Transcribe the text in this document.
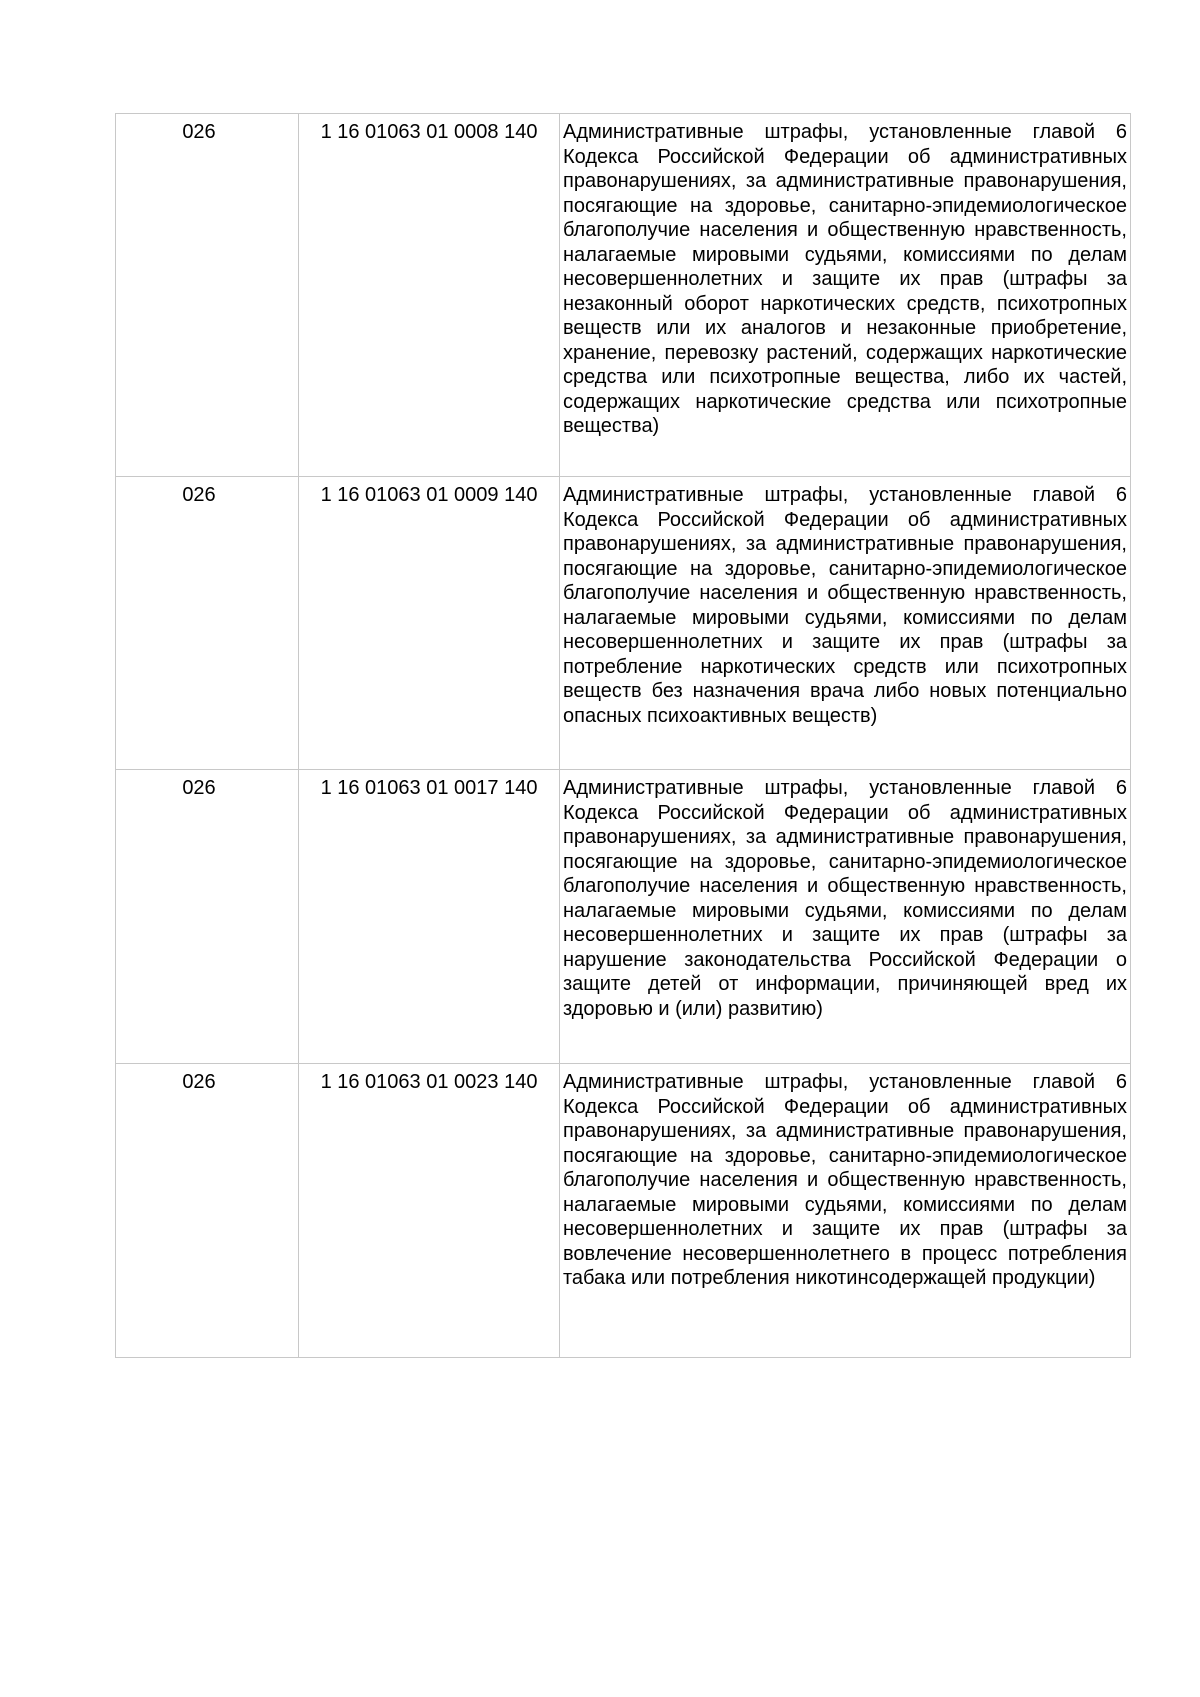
026	1 16 01063 01 0008 140	Административные штрафы, установленные главой 6 Кодекса Российской Федерации об административных правонарушениях, за административные правонарушения, посягающие на здоровье, санитарно-эпидемиологическое благополучие населения и общественную нравственность, налагаемые мировыми судьями, комиссиями по делам несовершеннолетних и защите их прав (штрафы за незаконный оборот наркотических средств, психотропных веществ или их аналогов и незаконные приобретение, хранение, перевозку растений, содержащих наркотические средства или психотропные вещества, либо их частей, содержащих наркотические средства или психотропные вещества)

026	1 16 01063 01 0009 140	Административные штрафы, установленные главой 6 Кодекса Российской Федерации об административных правонарушениях, за административные правонарушения, посягающие на здоровье, санитарно-эпидемиологическое благополучие населения и общественную нравственность, налагаемые мировыми судьями, комиссиями по делам несовершеннолетних и защите их прав (штрафы за потребление наркотических средств или психотропных веществ без назначения врача либо новых потенциально опасных психоактивных веществ)

026	1 16 01063 01 0017 140	Административные штрафы, установленные главой 6 Кодекса Российской Федерации об административных правонарушениях, за административные правонарушения, посягающие на здоровье, санитарно-эпидемиологическое благополучие населения и общественную нравственность, налагаемые мировыми судьями, комиссиями по делам несовершеннолетних и защите их прав (штрафы за нарушение законодательства Российской Федерации о защите детей от информации, причиняющей вред их здоровью и (или) развитию)

026	1 16 01063 01 0023 140	Административные штрафы, установленные главой 6 Кодекса Российской Федерации об административных правонарушениях, за административные правонарушения, посягающие на здоровье, санитарно-эпидемиологическое благополучие населения и общественную нравственность, налагаемые мировыми судьями, комиссиями по делам несовершеннолетних и защите их прав (штрафы за вовлечение несовершеннолетнего в процесс потребления табака или потребления никотинсодержащей продукции)
